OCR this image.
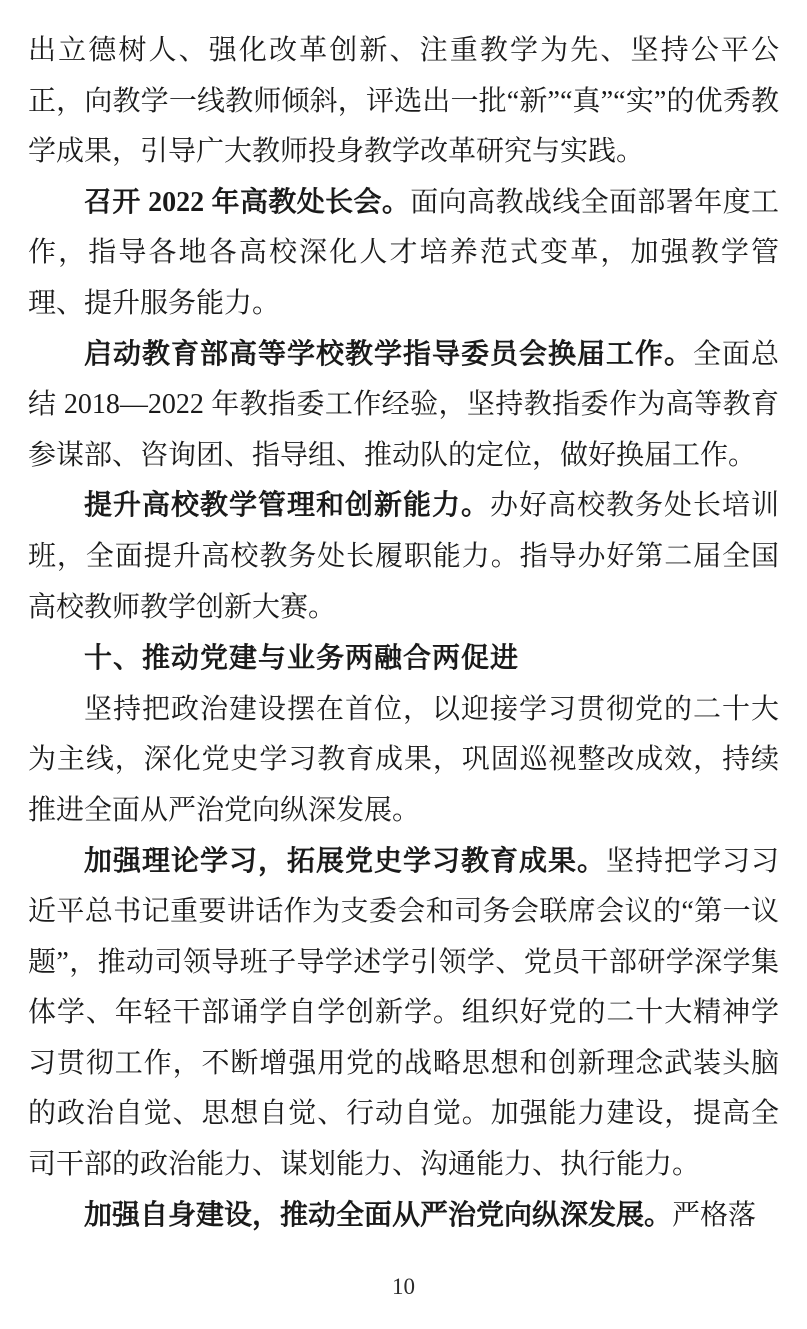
出立德树人、强化改革创新、注重教学为先、坚持公平公正，向教学一线教师倾斜，评选出一批“新”“真”“实”的优秀教学成果，引导广大教师投身教学改革研究与实践。

召开 2022 年高教处长会。面向高教战线全面部署年度工作，指导各地各高校深化人才培养范式变革，加强教学管理、提升服务能力。

启动教育部高等学校教学指导委员会换届工作。全面总结 2018—2022 年教指委工作经验，坚持教指委作为高等教育参谋部、咨询团、指导组、推动队的定位，做好换届工作。

提升高校教学管理和创新能力。办好高校教务处长培训班，全面提升高校教务处长履职能力。指导办好第二届全国高校教师教学创新大赛。

十、推动党建与业务两融合两促进

坚持把政治建设摆在首位，以迎接学习贯彻党的二十大为主线，深化党史学习教育成果，巩固巡视整改成效，持续推进全面从严治党向纵深发展。

加强理论学习，拓展党史学习教育成果。坚持把学习习近平总书记重要讲话作为支委会和司务会联席会议的“第一议题”，推动司领导班子导学述学引领学、党员干部研学深学集体学、年轻干部诵学自学创新学。组织好党的二十大精神学习贯彻工作，不断增强用党的战略思想和创新理念武装头脑的政治自觉、思想自觉、行动自觉。加强能力建设，提高全司干部的政治能力、谋划能力、沟通能力、执行能力。

加强自身建设，推动全面从严治党向纵深发展。严格落

10
